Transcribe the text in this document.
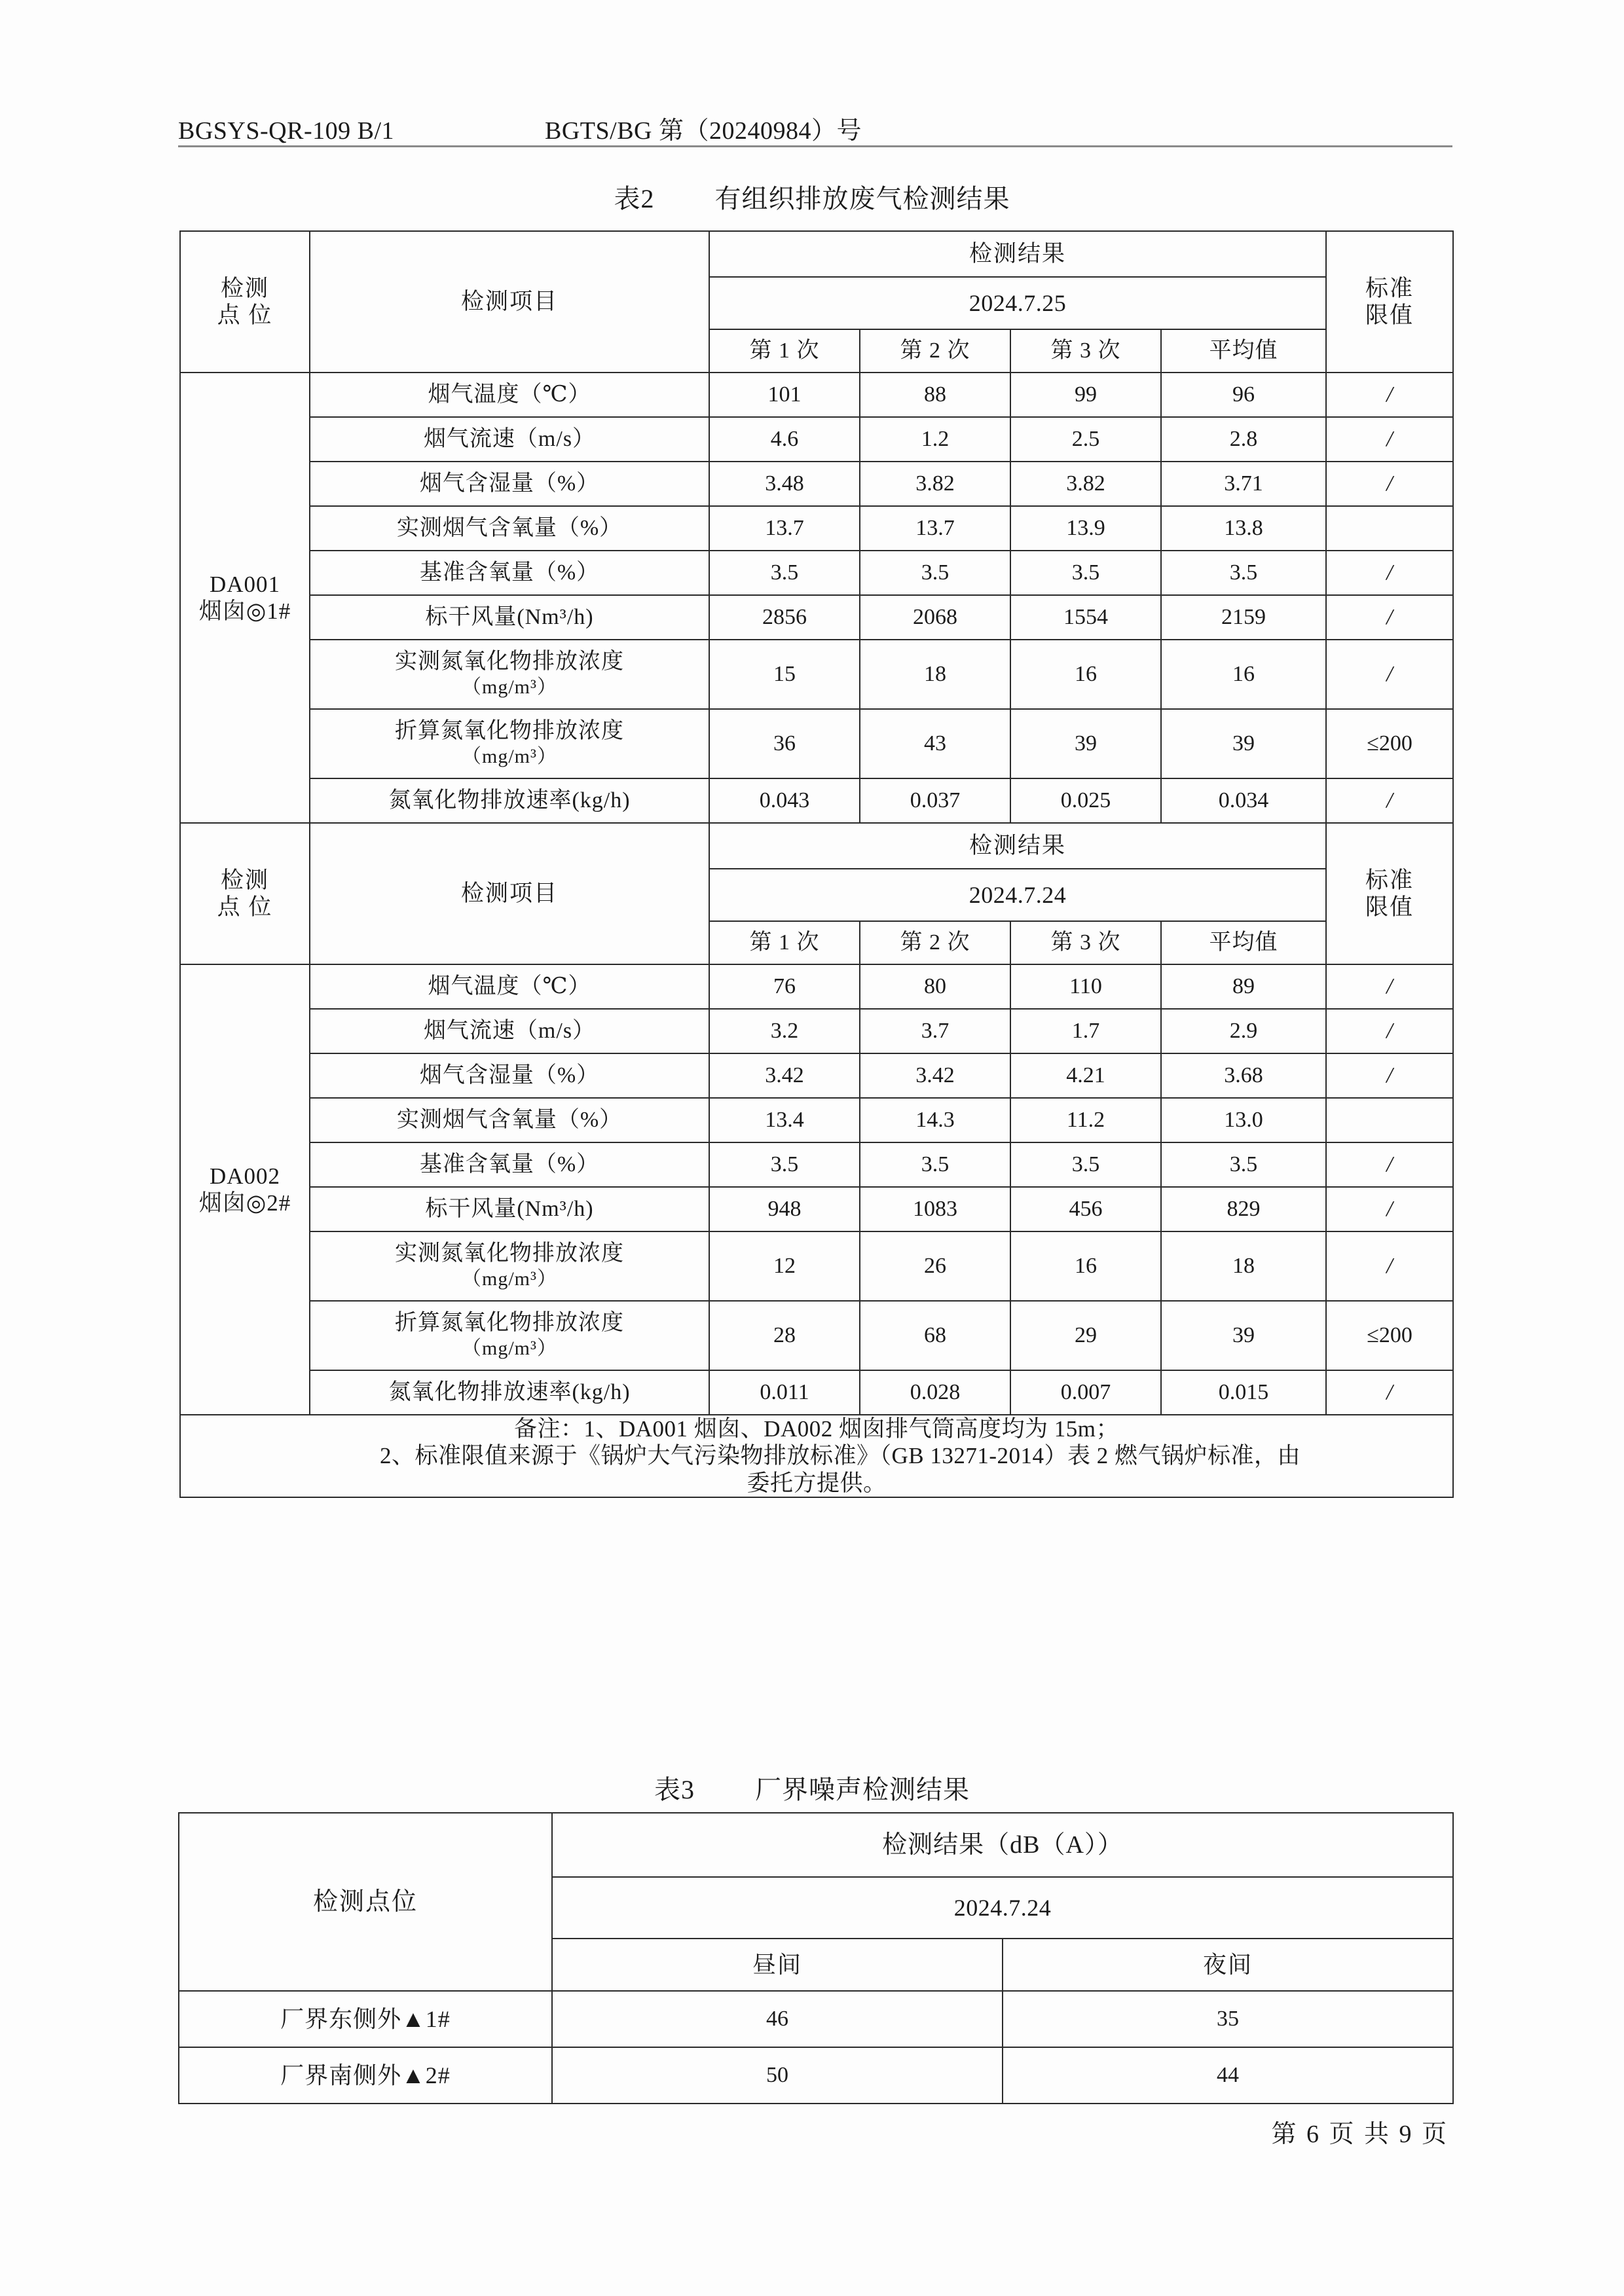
BGSYS-QR-109 B/1	BGTS/BG 第（20240984）号
表2 有组织排放废气检测结果
检测
点 位	检测项目	检测结果				标准
限值
		2024.7.25				
		第 1 次	第 2 次	第 3 次	平均值	

DA001
烟囱◎1#	烟气温度（℃）	101	88	99	96	/
	烟气流速（m/s）	4.6	1.2	2.5	2.8	/
	烟气含湿量（%）	3.48	3.82	3.82	3.71	/
	实测烟气含氧量（%）	13.7	13.7	13.9	13.8	
	基准含氧量（%）	3.5	3.5	3.5	3.5	/
	标干风量(Nm³/h)	2856	2068	1554	2159	/
	实测氮氧化物排放浓度
（mg/m³）	15	18	16	16	/
	折算氮氧化物排放浓度
（mg/m³）	36	43	39	39	≤200
	氮氧化物排放速率(kg/h)	0.043	0.037	0.025	0.034	/
检测
点 位	检测项目	检测结果				标准
限值
		2024.7.24				
		第 1 次	第 2 次	第 3 次	平均值	

DA002
烟囱◎2#	烟气温度（℃）	76	80	110	89	/
	烟气流速（m/s）	3.2	3.7	1.7	2.9	/
	烟气含湿量（%）	3.42	3.42	4.21	3.68	/
	实测烟气含氧量（%）	13.4	14.3	11.2	13.0	
	基准含氧量（%）	3.5	3.5	3.5	3.5	/
	标干风量(Nm³/h)	948	1083	456	829	/
	实测氮氧化物排放浓度
（mg/m³）	12	26	16	18	/
	折算氮氧化物排放浓度
（mg/m³）	28	68	29	39	≤200
	氮氧化物排放速率(kg/h)	0.011	0.028	0.007	0.015	/

备注：1、DA001 烟囱、DA002 烟囱排气筒高度均为 15m；

2、标准限值来源于《锅炉大气污染物排放标准》（GB 13271-2014）表 2 燃气锅炉标准，由

委托方提供。						

表3 厂界噪声检测结果
检测点位	检测结果（dB（A））	
	2024.7.24	
	昼间	夜间
厂界东侧外▲1#	46	35
厂界南侧外▲2#	50	44
第 6 页 共 9 页
